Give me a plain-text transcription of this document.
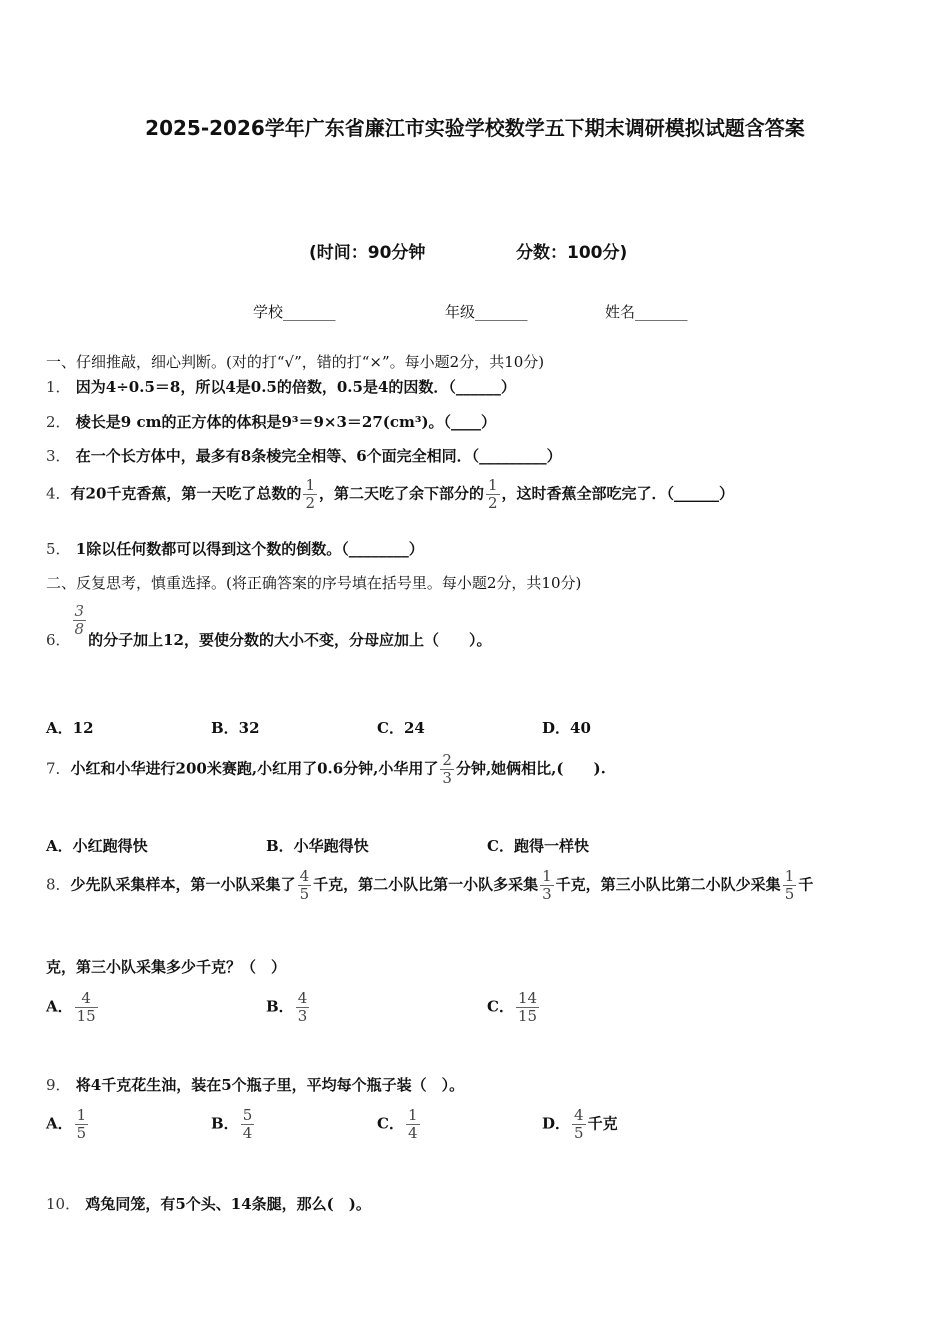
2025-2026学年广东省廉江市实验学校数学五下期末调研模拟试题含答案
(时间：90分钟	分数：100分)
学校_______	年级_______	姓名_______
一、仔细推敲，细心判断。(对的打“√”，错的打“×”。每小题2分，共10分)
1． 因为4÷0.5＝8，所以4是0.5的倍数，0.5是4的因数．（______）
2． 棱长是9 cm的正方体的体积是9³＝9×3＝27(cm³)。（____）
3． 在一个长方体中，最多有8条棱完全相等、6个面完全相同．（_________）
4．有20千克香蕉，第一天吃了总数的 $\frac{1}{2}$ ，第二天吃了余下部分的 $\frac{1}{2}$ ，这时香蕉全部吃完了．（______）
5． 1除以任何数都可以得到这个数的倒数。（________）
二、反复思考，慎重选择。(将正确答案的序号填在括号里。每小题2分，共10分)
6．
$\frac{3}{8}$
的分子加上12，要使分数的大小不变，分母应加上（　　）。
A．12	B．32	C．24	D．40
7．小红和小华进行200米赛跑,小红用了0.6分钟,小华用了 $\frac{2}{3}$ 分钟,她俩相比,(　　).
A．小红跑得快	B．小华跑得快	C．跑得一样快
8．少先队采集样本，第一小队采集了 $\frac{4}{5}$ 千克，第二小队比第一小队多采集 $\frac{1}{3}$ 千克，第三小队比第二小队少采集 $\frac{1}{5}$ 千
克，第三小队采集多少千克？（　）
A． $\frac{4}{15}$	B． $\frac{4}{3}$	C． $\frac{14}{15}$
9． 将4千克花生油，装在5个瓶子里，平均每个瓶子装（　）。
A． $\frac{1}{5}$	B． $\frac{5}{4}$	C． $\frac{1}{4}$	D． $\frac{4}{5}$ 千克
10． 鸡兔同笼，有5个头、14条腿，那么(　)。
